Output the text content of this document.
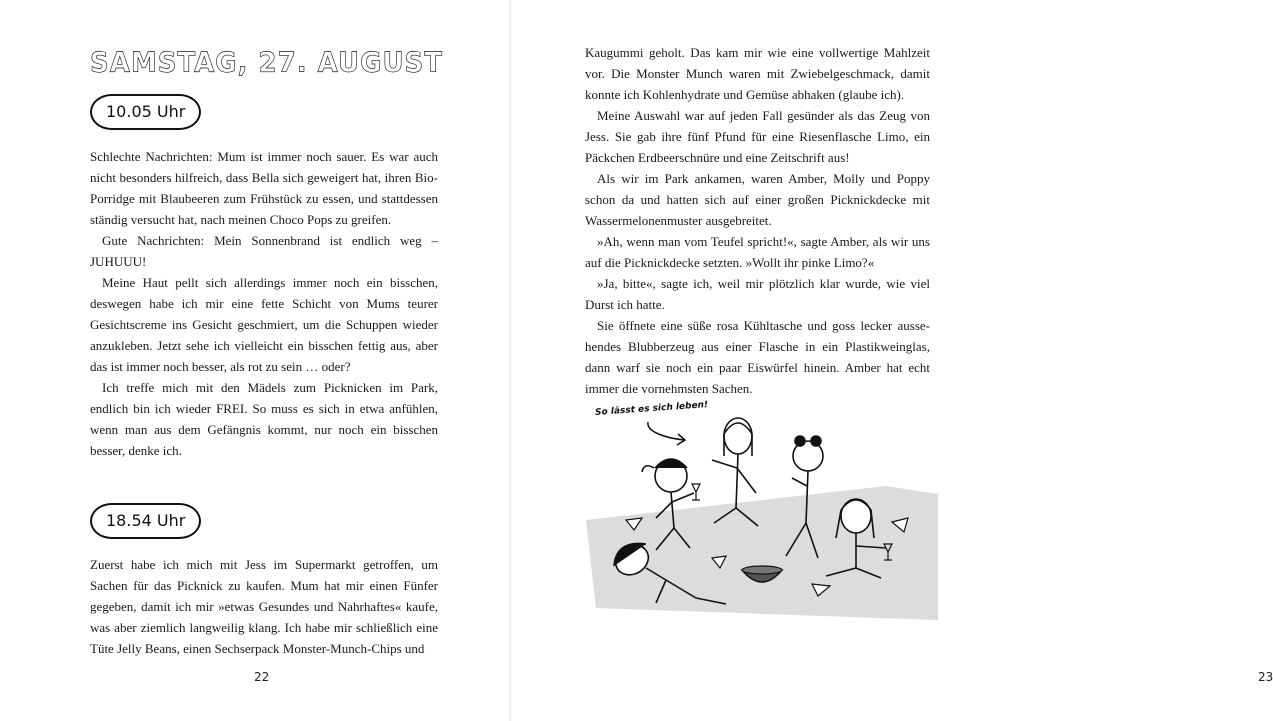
SAMSTAG, 27. AUGUST
10.05 Uhr

Schlechte Nachrichten: Mum ist immer noch sauer. Es war auch nicht besonders hilfreich, dass Bella sich geweigert hat, ihren Bio-Porridge mit Blaubeeren zum Frühstück zu essen, und stattdessen ständig versucht hat, nach meinen Choco Pops zu greifen.

Gute Nachrichten: Mein Sonnenbrand ist endlich weg – JUHUUU!

Meine Haut pellt sich allerdings immer noch ein bisschen, deswegen habe ich mir eine fette Schicht von Mums teurer Gesichtscreme ins Gesicht geschmiert, um die Schuppen wieder anzukleben. Jetzt sehe ich vielleicht ein bisschen fettig aus, aber das ist immer noch besser, als rot zu sein … oder?

Ich treffe mich mit den Mädels zum Picknicken im Park, endlich bin ich wieder FREI. So muss es sich in etwa anfühlen, wenn man aus dem Gefängnis kommt, nur noch ein bisschen besser, denke ich.

18.54 Uhr

Zuerst habe ich mich mit Jess im Supermarkt getroffen, um Sachen für das Picknick zu kaufen. Mum hat mir einen Fünfer gegeben, damit ich mir »etwas Gesundes und Nahrhaftes« kaufe, was aber ziemlich langweilig klang. Ich habe mir schließlich eine Tüte Jelly Beans, einen Sechserpack Monster-Munch-Chips und

22	23

Kaugummi geholt. Das kam mir wie eine vollwertige Mahlzeit vor. Die Monster Munch waren mit Zwiebelgeschmack, damit konnte ich Kohlenhydrate und Gemüse abhaken (glaube ich).

Meine Auswahl war auf jeden Fall gesünder als das Zeug von Jess. Sie gab ihre fünf Pfund für eine Riesenflasche Limo, ein Päckchen Erdbeerschnüre und eine Zeitschrift aus!

Als wir im Park ankamen, waren Amber, Molly und Poppy schon da und hatten sich auf einer großen Picknickdecke mit Wassermelonenmuster ausgebreitet.

»Ah, wenn man vom Teufel spricht!«, sagte Amber, als wir uns auf die Picknickdecke setzten. »Wollt ihr pinke Limo?«

»Ja, bitte«, sagte ich, weil mir plötzlich klar wurde, wie viel Durst ich hatte.

Sie öffnete eine süße rosa Kühltasche und goss lecker ausse-hendes Blubberzeug aus einer Flasche in ein Plastikweinglas, dann warf sie noch ein paar Eiswürfel hinein. Amber hat echt immer die vornehmsten Sachen.

So lässt es sich leben!
